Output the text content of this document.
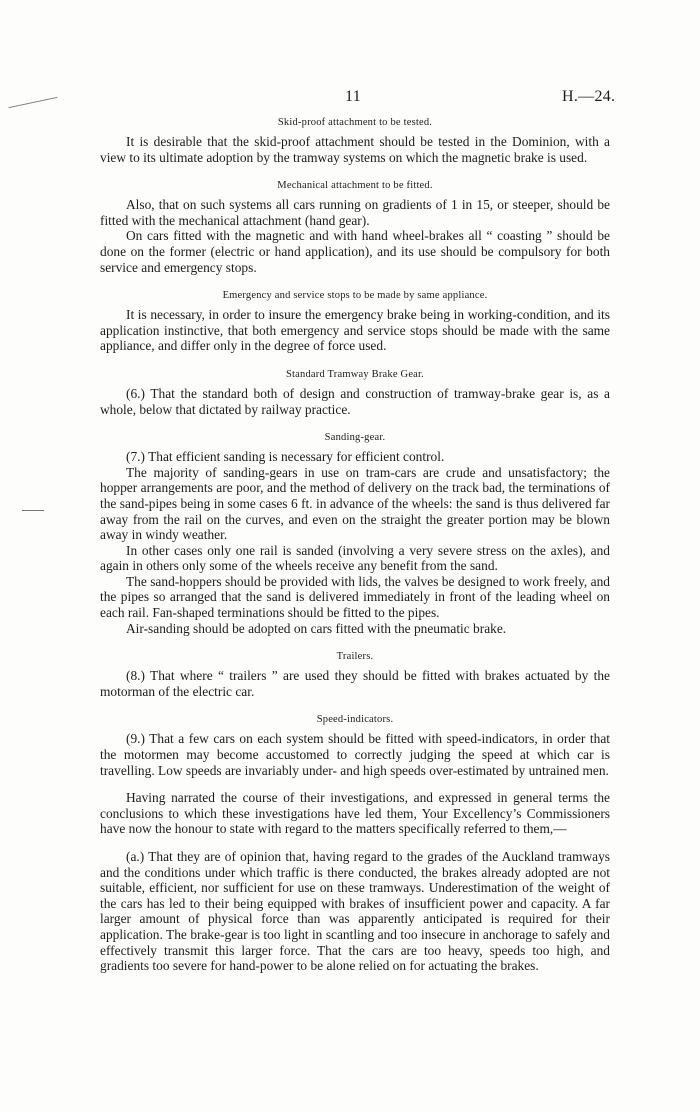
11	H.—24.
Skid-proof attachment to be tested.

It is desirable that the skid-proof attachment should be tested in the Dominion, with a view to its ultimate adoption by the tramway systems on which the magnetic brake is used.

Mechanical attachment to be fitted.

Also, that on such systems all cars running on gradients of 1 in 15, or steeper, should be fitted with the mechanical attachment (hand gear).

On cars fitted with the magnetic and with hand wheel-brakes all “ coasting ” should be done on the former (electric or hand application), and its use should be compulsory for both service and emergency stops.

Emergency and service stops to be made by same appliance.

It is necessary, in order to insure the emergency brake being in working-condition, and its application instinctive, that both emergency and service stops should be made with the same appliance, and differ only in the degree of force used.

Standard Tramway Brake Gear.

(6.) That the standard both of design and construction of tramway-brake gear is, as a whole, below that dictated by railway practice.

Sanding-gear.

(7.) That efficient sanding is necessary for efficient control.

The majority of sanding-gears in use on tram-cars are crude and unsatisfactory; the hopper arrangements are poor, and the method of delivery on the track bad, the terminations of the sand-pipes being in some cases 6 ft. in advance of the wheels: the sand is thus delivered far away from the rail on the curves, and even on the straight the greater portion may be blown away in windy weather.

In other cases only one rail is sanded (involving a very severe stress on the axles), and again in others only some of the wheels receive any benefit from the sand.

The sand-hoppers should be provided with lids, the valves be designed to work freely, and the pipes so arranged that the sand is delivered immediately in front of the leading wheel on each rail. Fan-shaped terminations should be fitted to the pipes.

Air-sanding should be adopted on cars fitted with the pneumatic brake.

Trailers.

(8.) That where “ trailers ” are used they should be fitted with brakes actuated by the motorman of the electric car.

Speed-indicators.

(9.) That a few cars on each system should be fitted with speed-indicators, in order that the motormen may become accustomed to correctly judging the speed at which car is travelling. Low speeds are invariably under- and high speeds over-estimated by untrained men.

Having narrated the course of their investigations, and expressed in general terms the conclusions to which these investigations have led them, Your Excellency’s Commissioners have now the honour to state with regard to the matters specifically referred to them,—

(a.) That they are of opinion that, having regard to the grades of the Auckland tramways and the conditions under which traffic is there conducted, the brakes already adopted are not suitable, efficient, nor sufficient for use on these tramways. Underestimation of the weight of the cars has led to their being equipped with brakes of insufficient power and capacity. A far larger amount of physical force than was apparently anticipated is required for their application. The brake-gear is too light in scantling and too insecure in anchorage to safely and effectively transmit this larger force. That the cars are too heavy, speeds too high, and gradients too severe for hand-power to be alone relied on for actuating the brakes.
